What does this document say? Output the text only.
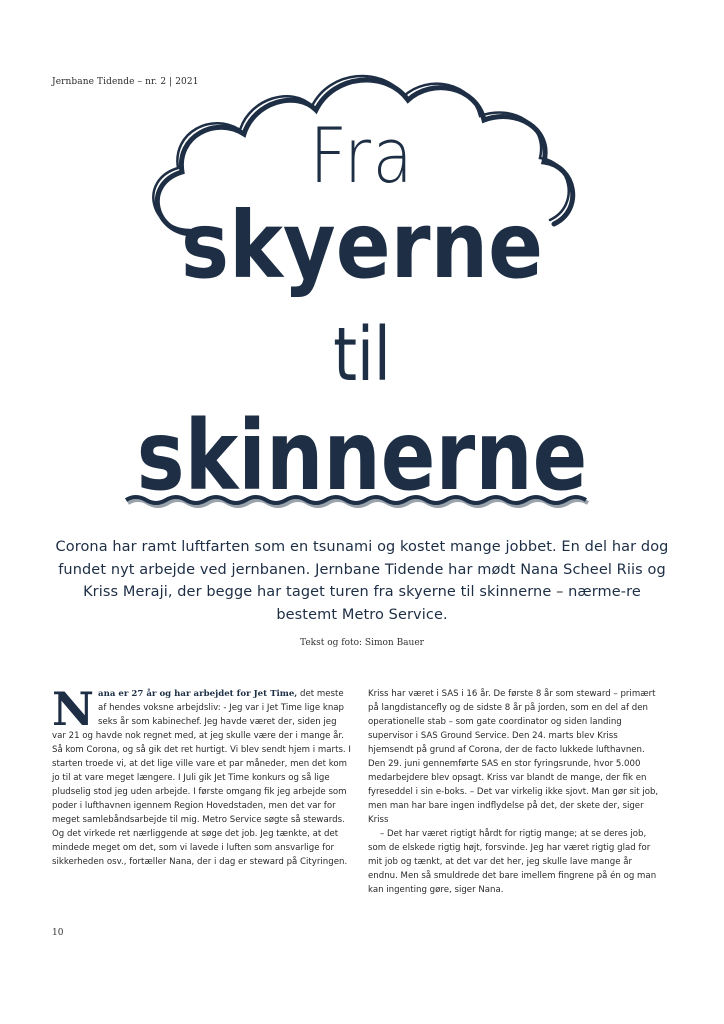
Jernbane Tidende – nr. 2 | 2021
Fra
skyerne
til
skinnerne
Corona har ramt luftfarten som en tsunami og kostet mange jobbet. En del har dog fundet nyt arbejde ved jernbanen. Jernbane Tidende har mødt Nana Scheel Riis og Kriss Meraji, der begge har taget turen fra skyerne til skinnerne – nærme-re bestemt Metro Service.
Tekst og foto: Simon Bauer

N ana er 27 år og har arbejdet for Jet Time, det meste af hendes voksne arbejdsliv: - Jeg var i Jet Time lige knap seks år som kabinechef. Jeg havde været der, siden jeg var 21 og havde nok regnet med, at jeg skulle være der i mange år. Så kom Corona, og så gik det ret hurtigt. Vi blev sendt hjem i marts. I starten troede vi, at det lige ville vare et par måneder, men det kom jo til at vare meget længere. I Juli gik Jet Time konkurs og så lige pludselig stod jeg uden arbejde. I første omgang fik jeg arbejde som poder i lufthavnen igennem Region Hovedstaden, men det var for meget samlebåndsarbejde til mig. Metro Service søgte så stewards. Og det virkede ret nærliggende at søge det job. Jeg tænkte, at det mindede meget om det, som vi lavede i luften som ansvarlige for sikkerheden osv., fortæller Nana, der i dag er steward på Cityringen.

Kriss har været i SAS i 16 år. De første 8 år som steward – primært på langdistancefly og de sidste 8 år på jorden, som en del af den operationelle stab – som gate coordinator og siden landing supervisor i SAS Ground Service. Den 24. marts blev Kriss hjemsendt på grund af Corona, der de facto lukkede lufthavnen. Den 29. juni gennemførte SAS en stor fyringsrunde, hvor 5.000 medarbejdere blev opsagt. Kriss var blandt de mange, der fik en fyreseddel i sin e-boks. – Det var virkelig ikke sjovt. Man gør sit job, men man har bare ingen indflydelse på det, der skete der, siger Kriss

– Det har været rigtigt hårdt for rigtig mange; at se deres job, som de elskede rigtig højt, forsvinde. Jeg har været rigtig glad for mit job og tænkt, at det var det her, jeg skulle lave mange år endnu. Men så smuldrede det bare imellem fingrene på én og man kan ingenting gøre, siger Nana.

10
